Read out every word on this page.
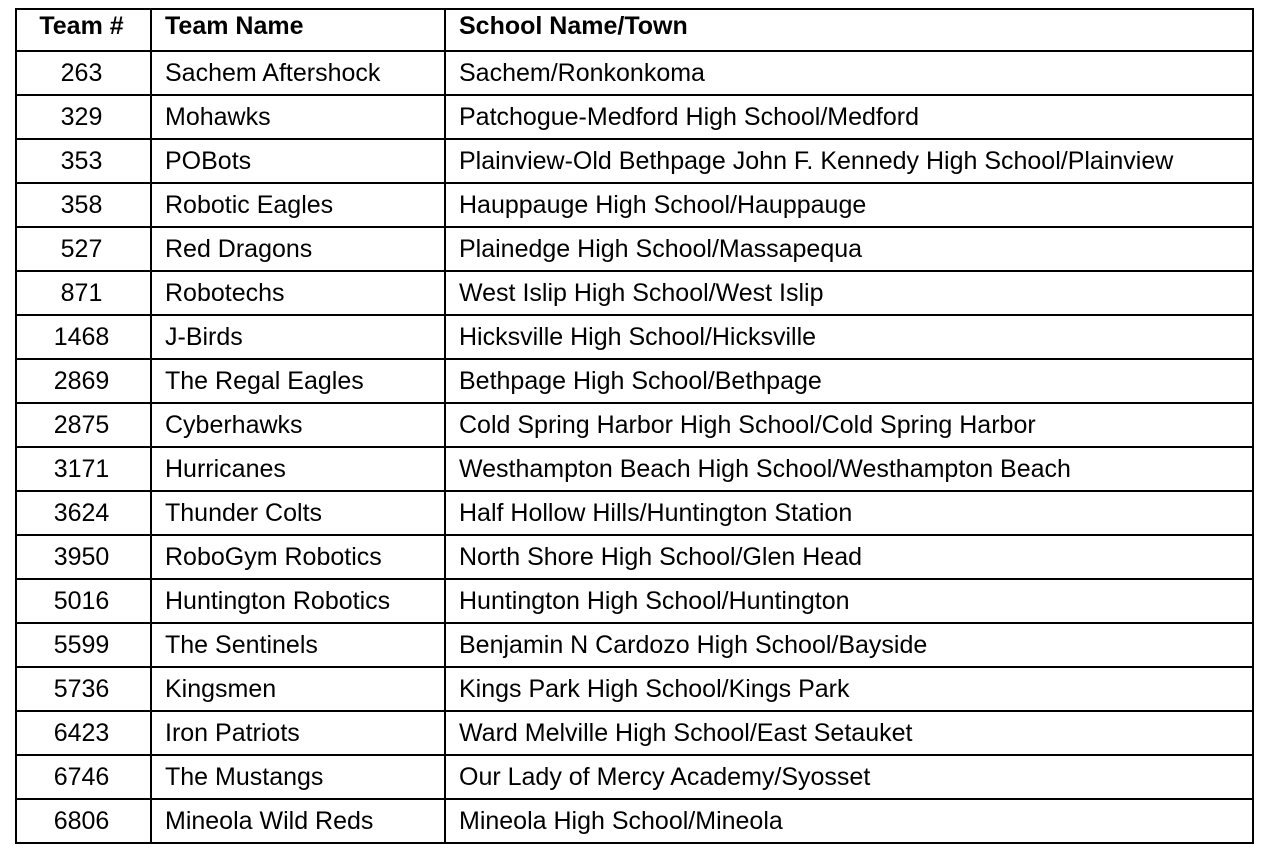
Team #	Team Name	School Name/Town
263	Sachem Aftershock	Sachem/Ronkonkoma
329	Mohawks	Patchogue-Medford High School/Medford
353	POBots	Plainview-Old Bethpage John F. Kennedy High School/Plainview
358	Robotic Eagles	Hauppauge High School/Hauppauge
527	Red Dragons	Plainedge High School/Massapequa
871	Robotechs	West Islip High School/West Islip
1468	J-Birds	Hicksville High School/Hicksville
2869	The Regal Eagles	Bethpage High School/Bethpage
2875	Cyberhawks	Cold Spring Harbor High School/Cold Spring Harbor
3171	Hurricanes	Westhampton Beach High School/Westhampton Beach
3624	Thunder Colts	Half Hollow Hills/Huntington Station
3950	RoboGym Robotics	North Shore High School/Glen Head
5016	Huntington Robotics	Huntington High School/Huntington
5599	The Sentinels	Benjamin N Cardozo High School/Bayside
5736	Kingsmen	Kings Park High School/Kings Park
6423	Iron Patriots	Ward Melville High School/East Setauket
6746	The Mustangs	Our Lady of Mercy Academy/Syosset
6806	Mineola Wild Reds	Mineola High School/Mineola
